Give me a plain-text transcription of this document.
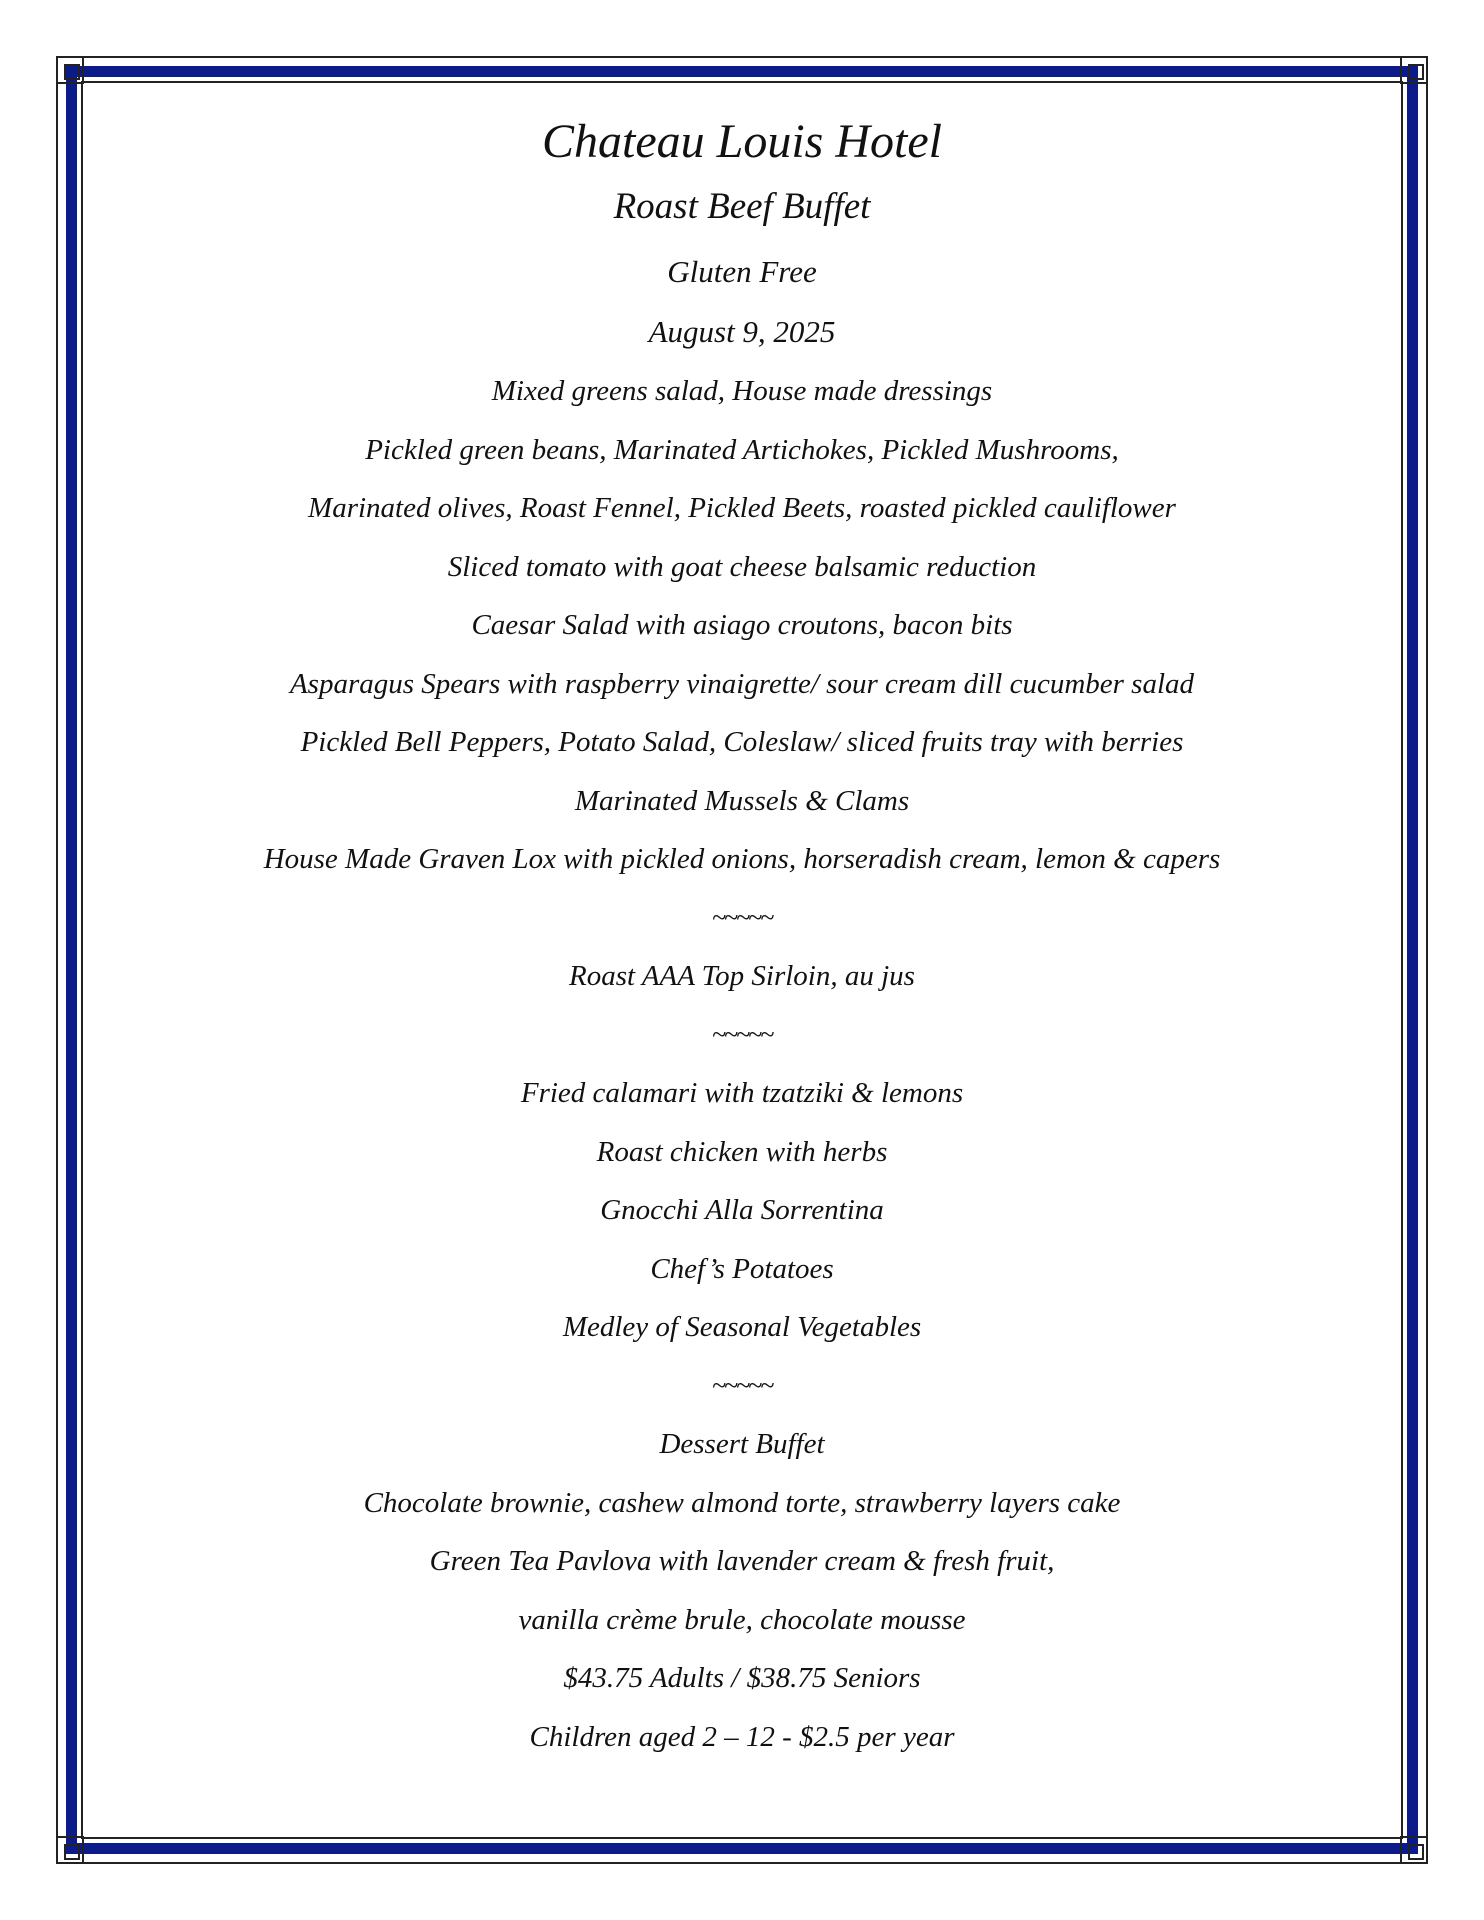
Chateau Louis Hotel
Roast Beef Buffet
Gluten Free
August 9, 2025
Mixed greens salad, House made dressings
Pickled green beans, Marinated Artichokes, Pickled Mushrooms,
Marinated olives, Roast Fennel, Pickled Beets, roasted pickled cauliflower
Sliced tomato with goat cheese balsamic reduction
Caesar Salad with asiago croutons, bacon bits
Asparagus Spears with raspberry vinaigrette/ sour cream dill cucumber salad
Pickled Bell Peppers, Potato Salad, Coleslaw/ sliced fruits tray with berries
Marinated Mussels & Clams
House Made Graven Lox with pickled onions, horseradish cream, lemon & capers
~~~~~
Roast AAA Top Sirloin, au jus
~~~~~
Fried calamari with tzatziki & lemons
Roast chicken with herbs
Gnocchi Alla Sorrentina
Chef’s Potatoes
Medley of Seasonal Vegetables
~~~~~
Dessert Buffet
Chocolate brownie, cashew almond torte, strawberry layers cake
Green Tea Pavlova with lavender cream & fresh fruit,
vanilla crème brule, chocolate mousse
$43.75 Adults / $38.75 Seniors
Children aged 2 – 12 - $2.5 per year
